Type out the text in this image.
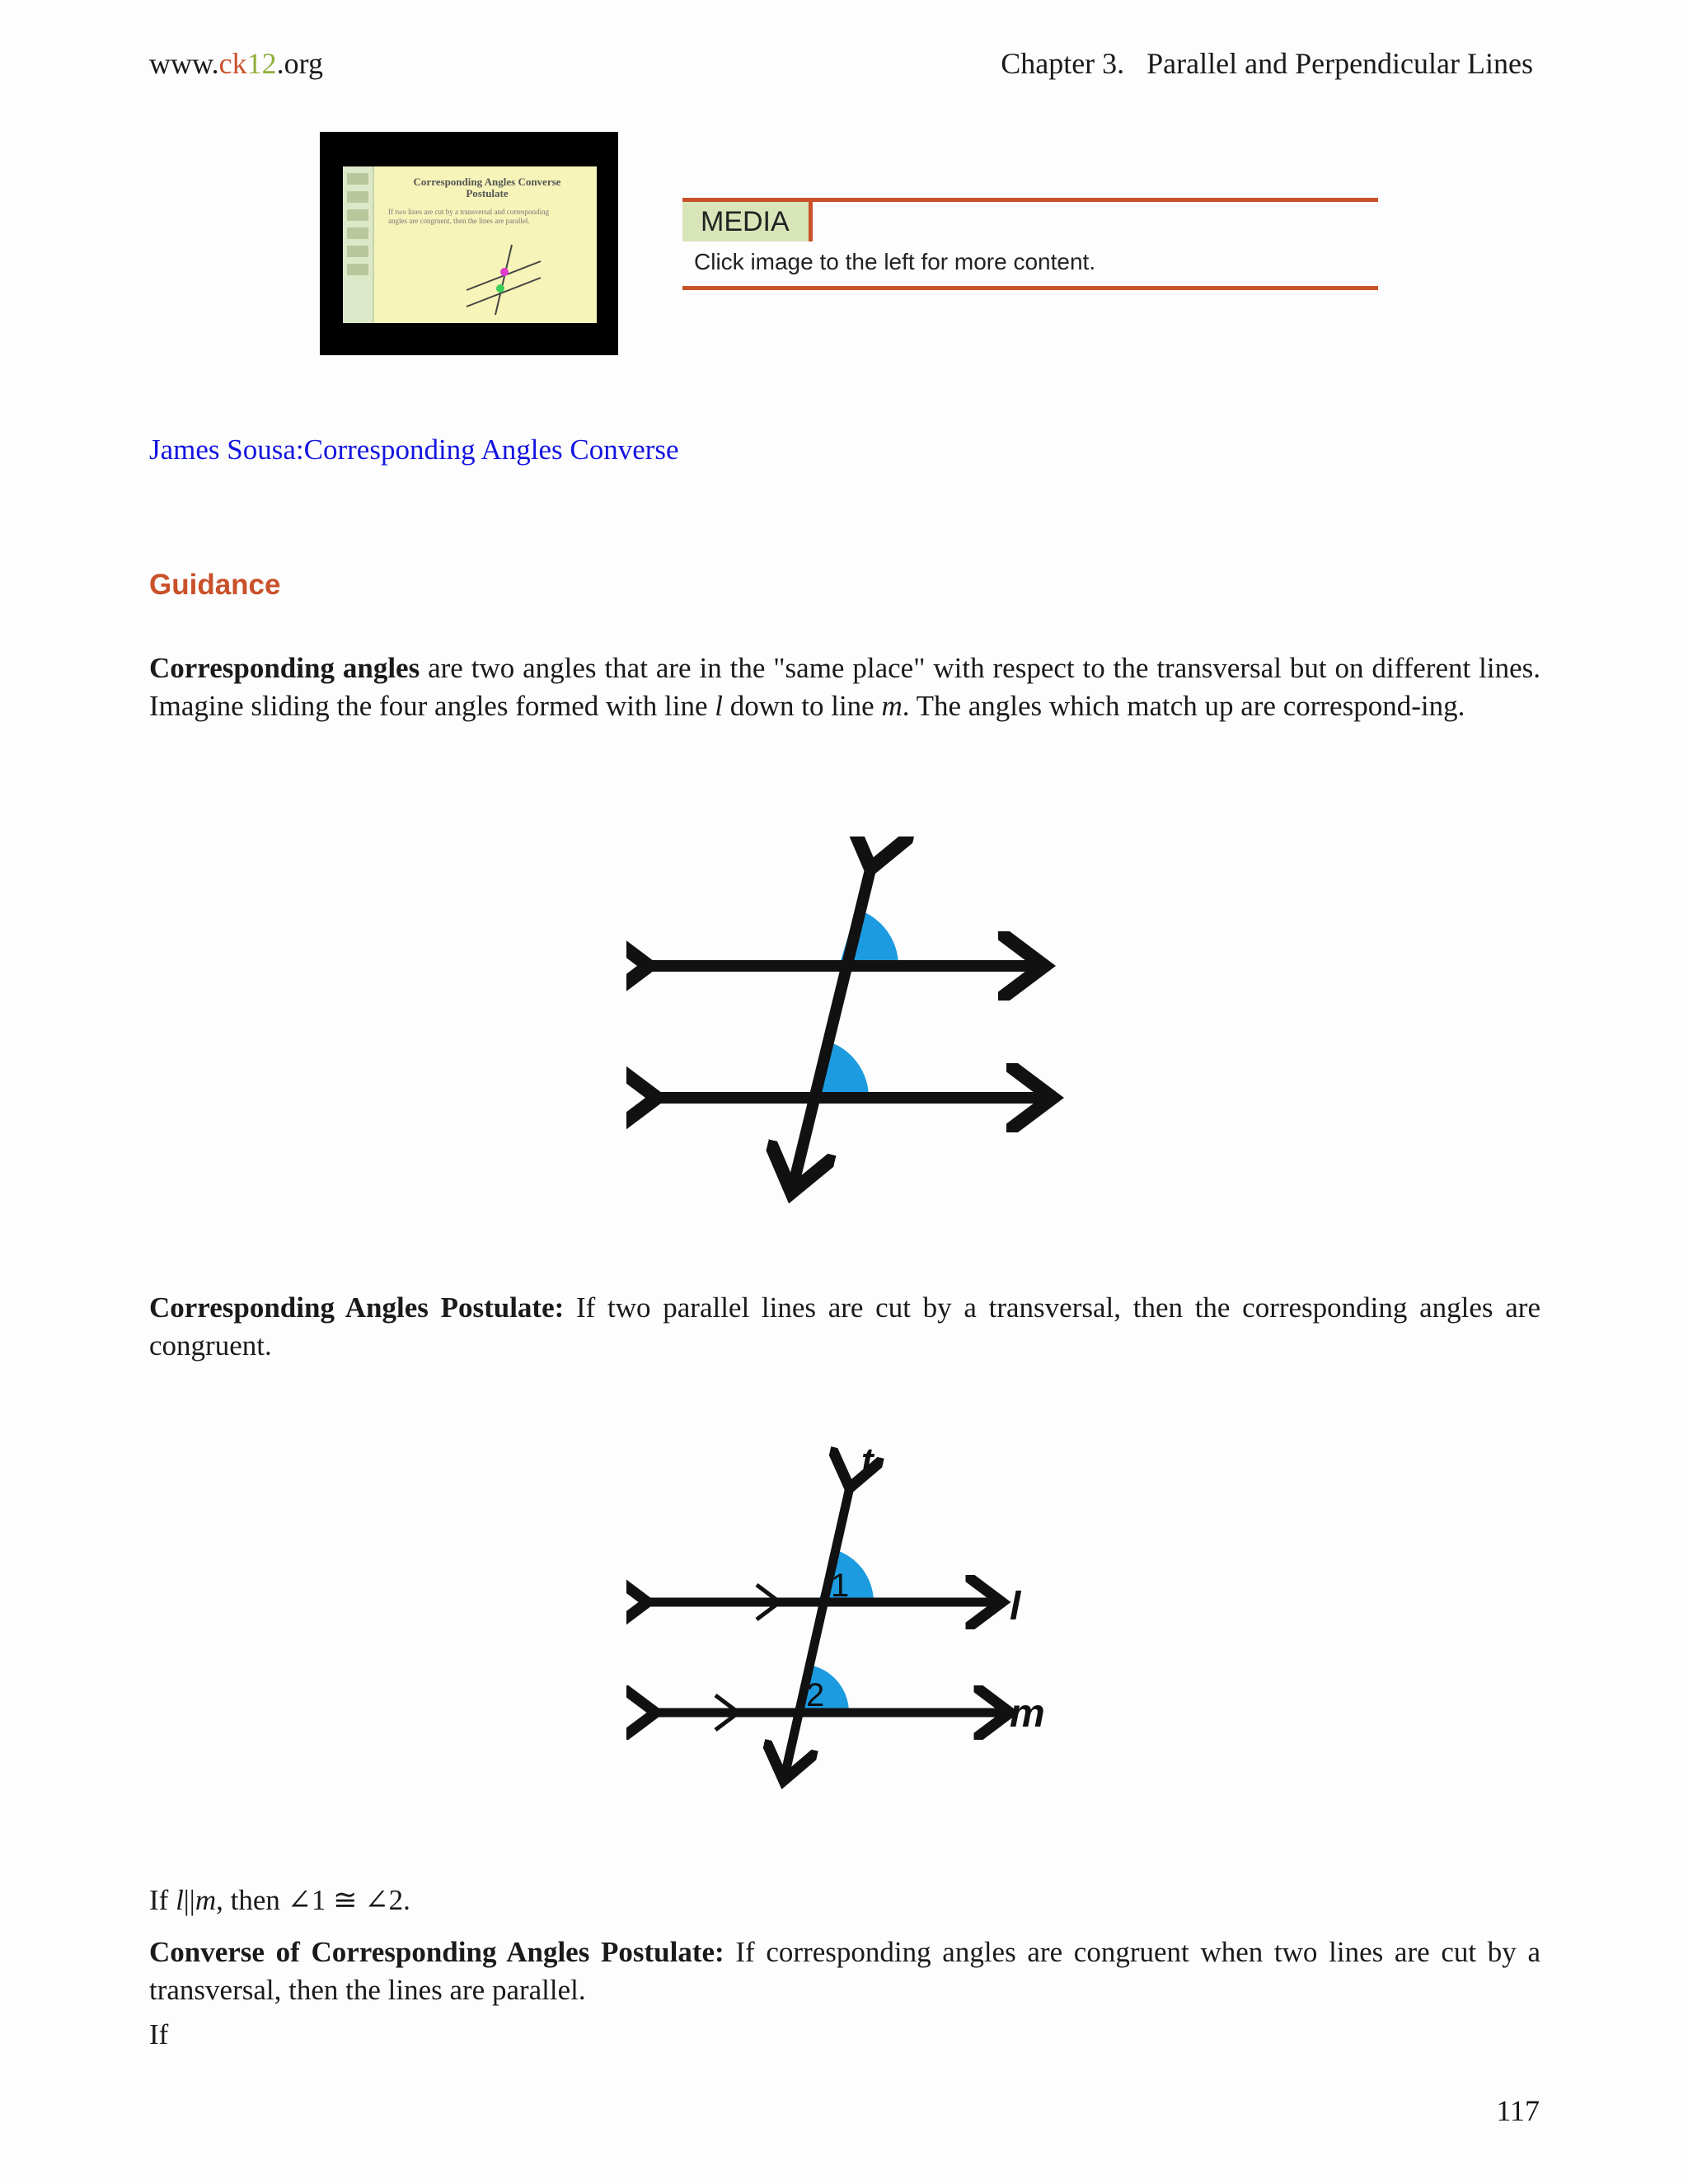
www.ck12.org	Chapter 3.   Parallel and Perpendicular Lines
Corresponding Angles Converse Postulate
If two lines are cut by a transversal and corresponding angles are congruent, then the lines are parallel.	MEDIA
Click image to the left for more content.
James Sousa:Corresponding Angles Converse
Guidance
Corresponding angles are two angles that are in the "same place" with respect to the transversal but on different lines. Imagine sliding the four angles formed with line l down to line m. The angles which match up are correspond-ing.
Corresponding Angles Postulate: If two parallel lines are cut by a transversal, then the corresponding angles are congruent.
t
l
m
1
2
If l||m, then ∠1 ≅ ∠2.
Converse of Corresponding Angles Postulate: If corresponding angles are congruent when two lines are cut by a transversal, then the lines are parallel.
If
117
